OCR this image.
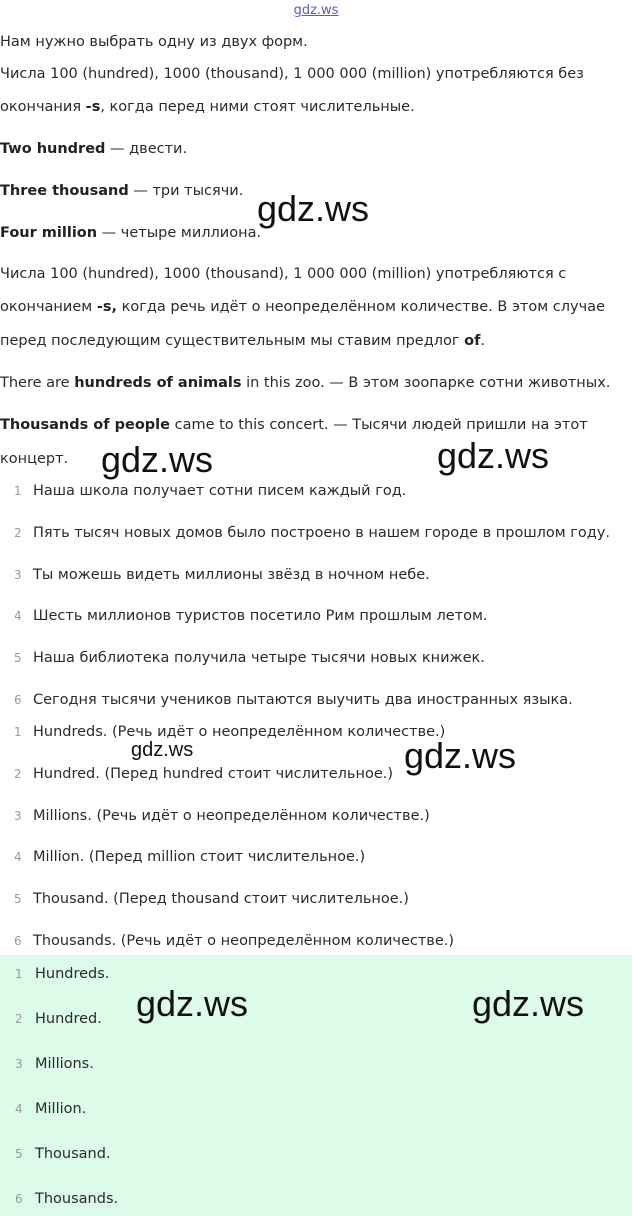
gdz.ws
Нам нужно выбрать одну из двух форм.
Числа 100 (hundred), 1000 (thousand), 1 000 000 (million) употребляются без
окончания -s, когда перед ними стоят числительные.
Two hundred — двести.
Three thousand — три тысячи.
Four million — четыре миллиона.
Числа 100 (hundred), 1000 (thousand), 1 000 000 (million) употребляются с
окончанием -s, когда речь идёт о неопределённом количестве. В этом случае
перед последующим существительным мы ставим предлог of.
There are hundreds of animals in this zoo. — В этом зоопарке сотни животных.
Thousands of people came to this concert. — Тысячи людей пришли на этот
концерт.
1 Наша школа получает сотни писем каждый год.
2 Пять тысяч новых домов было построено в нашем городе в прошлом году.
3 Ты можешь видеть миллионы звёзд в ночном небе.
4 Шесть миллионов туристов посетило Рим прошлым летом.
5 Наша библиотека получила четыре тысячи новых книжек.
6 Сегодня тысячи учеников пытаются выучить два иностранных языка.
1 Hundreds. (Речь идёт о неопределённом количестве.)
2 Hundred. (Перед hundred стоит числительное.)
3 Millions. (Речь идёт о неопределённом количестве.)
4 Million. (Перед million стоит числительное.)
5 Thousand. (Перед thousand стоит числительное.)
6 Thousands. (Речь идёт о неопределённом количестве.)
1 Hundreds.
2 Hundred.
3 Millions.
4 Million.
5 Thousand.
6 Thousands.
gdz.ws
gdz.ws	gdz.ws
gdz.ws	gdz.ws
gdz.ws	gdz.ws
